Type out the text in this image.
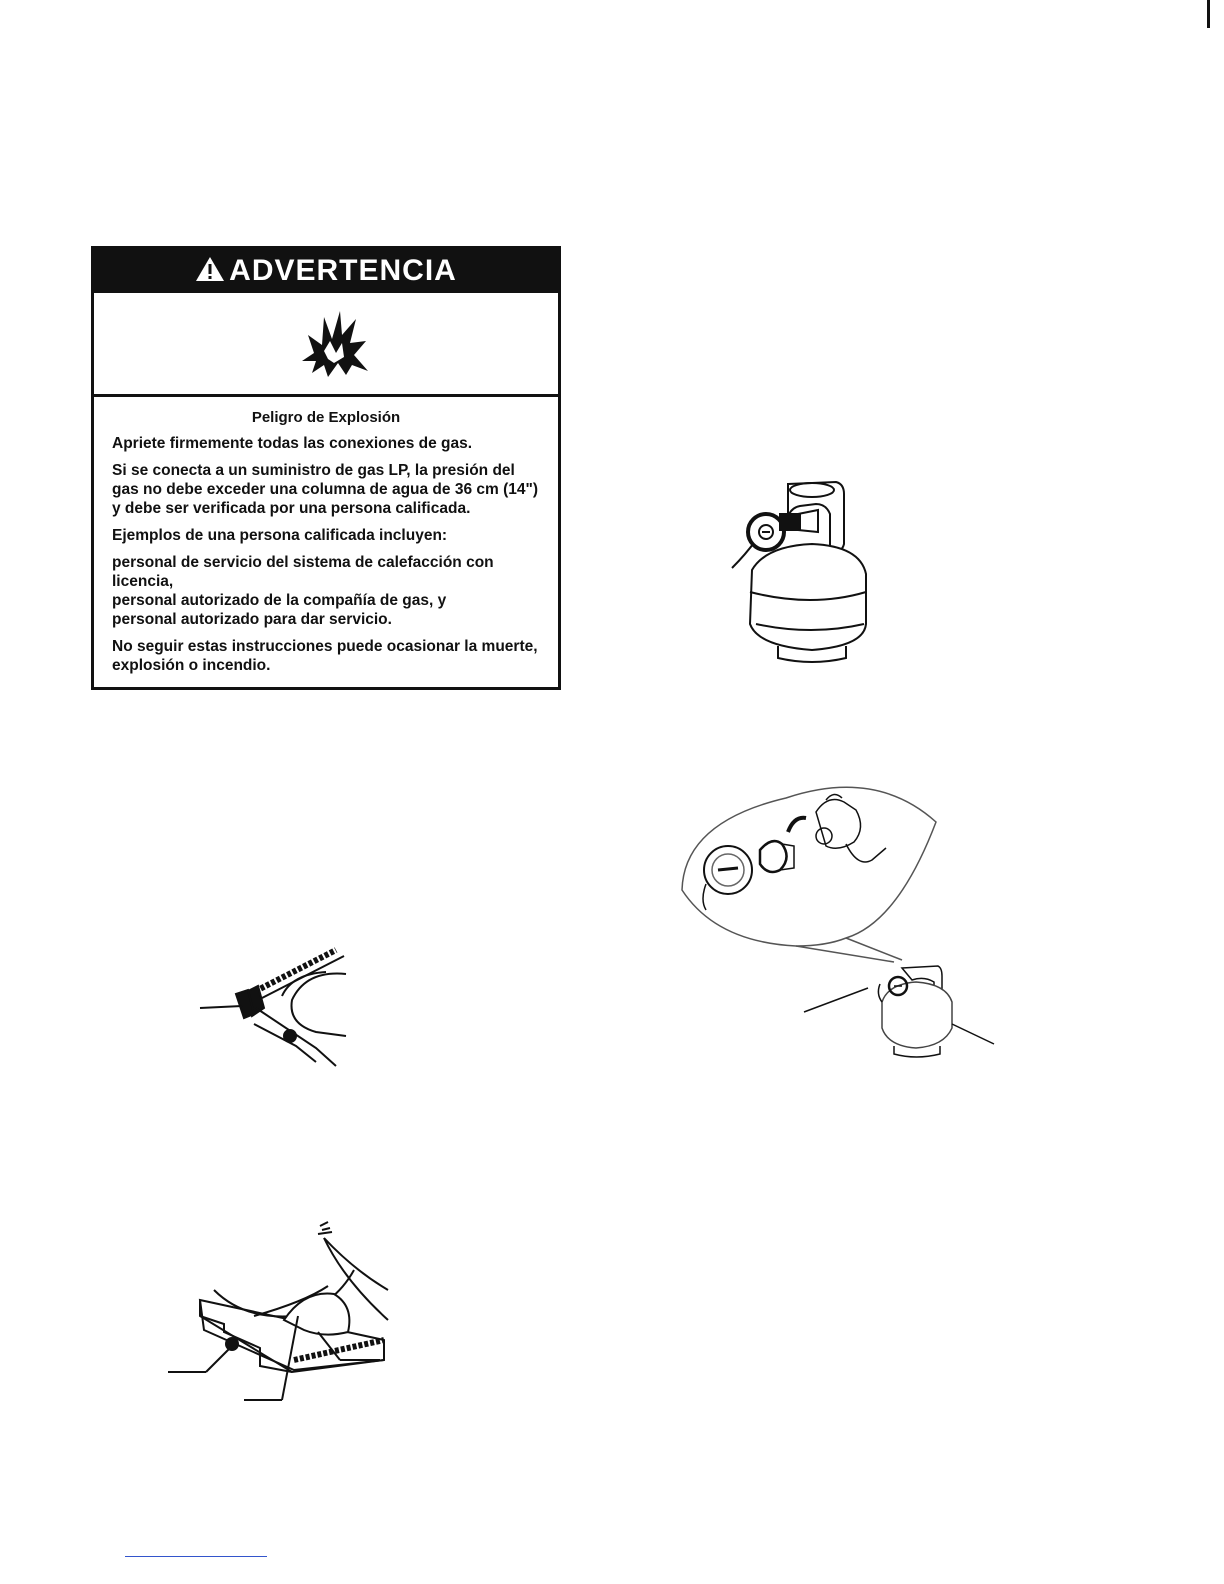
ADVERTENCIA
Peligro de Explosión
Apriete firmemente todas las conexiones de gas.
Si se conecta a un suministro de gas LP, la presión del gas no debe exceder una columna de agua de 36 cm (14") y debe ser verificada por una persona calificada.
Ejemplos de una persona calificada incluyen:
personal de servicio del sistema de calefacción con licencia,
personal autorizado de la compañía de gas, y
personal autorizado para dar servicio.
No seguir estas instrucciones puede ocasionar la muerte, explosión o incendio.
